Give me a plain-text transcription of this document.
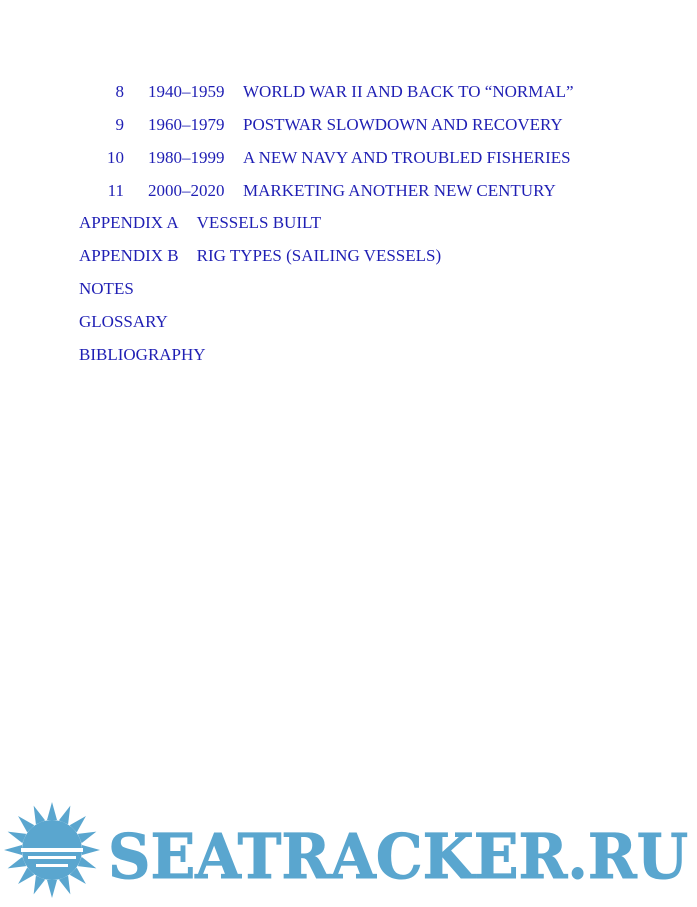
8 1940–1959 WORLD WAR II AND BACK TO “NORMAL”
9 1960–1979 POSTWAR SLOWDOWN AND RECOVERY
10 1980–1999 A NEW NAVY AND TROUBLED FISHERIES
11 2000–2020 MARKETING ANOTHER NEW CENTURY
APPENDIX A VESSELS BUILT
APPENDIX B RIG TYPES (SAILING VESSELS)
NOTES
GLOSSARY
BIBLIOGRAPHY
SEATRACKER.RU
